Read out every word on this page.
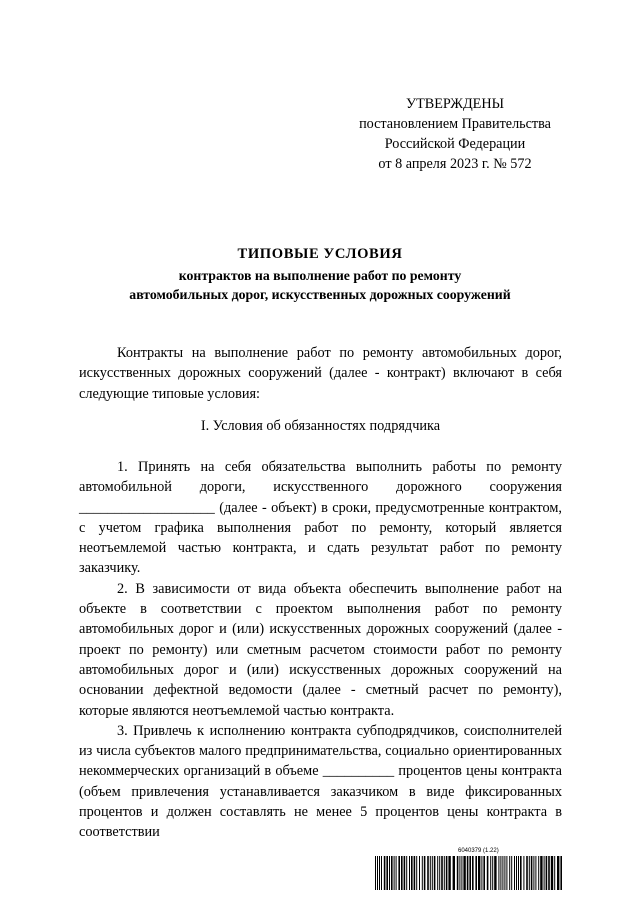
УТВЕРЖДЕНЫ
постановлением Правительства
Российской Федерации
от 8 апреля 2023 г. № 572
ТИПОВЫЕ УСЛОВИЯ
контрактов на выполнение работ по ремонту
автомобильных дорог, искусственных дорожных сооружений

Контракты на выполнение работ по ремонту автомобильных дорог, искусственных дорожных сооружений (далее - контракт) включают в себя следующие типовые условия:

I. Условия об обязанностях подрядчика

1. Принять на себя обязательства выполнить работы по ремонту автомобильной дороги, искусственного дорожного сооружения ___________________ (далее - объект) в сроки, предусмотренные контрактом, с учетом графика выполнения работ по ремонту, который является неотъемлемой частью контракта, и сдать результат работ по ремонту заказчику.

2. В зависимости от вида объекта обеспечить выполнение работ на объекте в соответствии с проектом выполнения работ по ремонту автомобильных дорог и (или) искусственных дорожных сооружений (далее - проект по ремонту) или сметным расчетом стоимости работ по ремонту автомобильных дорог и (или) искусственных дорожных сооружений на основании дефектной ведомости (далее - сметный расчет по ремонту), которые являются неотъемлемой частью контракта.

3. Привлечь к исполнению контракта субподрядчиков, соисполнителей из числа субъектов малого предпринимательства, социально ориентированных некоммерческих организаций в объеме __________ процентов цены контракта (объем привлечения устанавливается заказчиком в виде фиксированных процентов и должен составлять не менее 5 процентов цены контракта в соответствии

6040379 (1.22)
